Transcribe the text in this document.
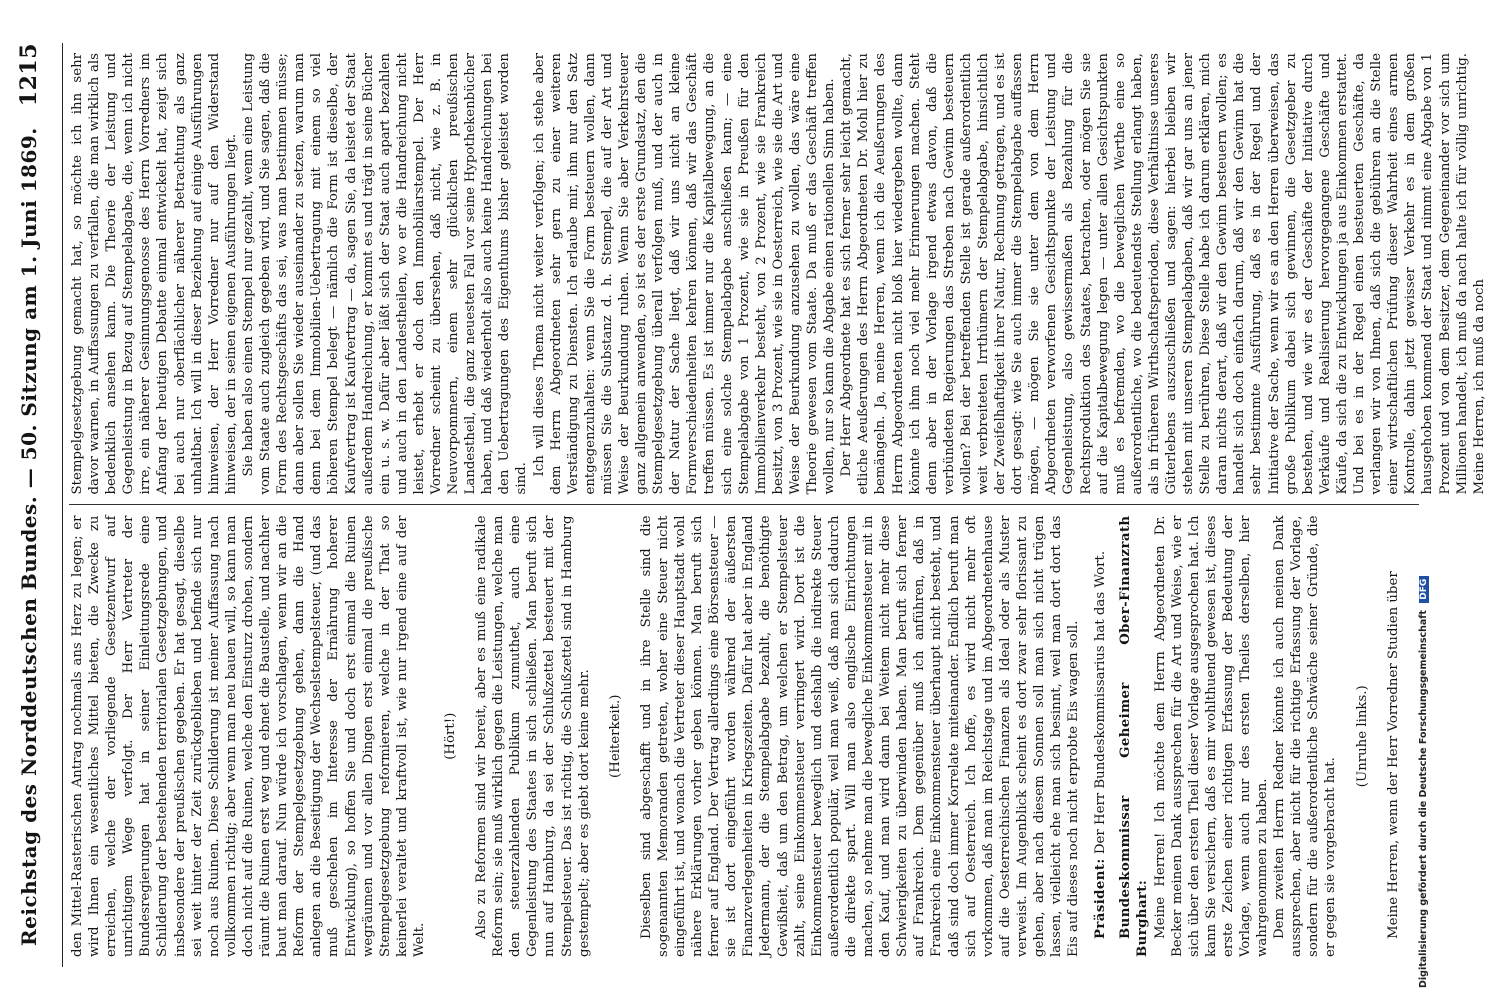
Reichstag des Norddeutschen Bundes. — 50. Sitzung am 1. Juni 1869.
1215

den Mittel-Rasterischen Antrag nochmals ans Herz zu legen; er wird Ihnen ein wesentliches Mittel bieten, die Zwecke zu erreichen, welche der vorliegende Gesetzentwurf auf unrichtigem Wege verfolgt. Der Herr Vertreter der Bundesregierungen hat in seiner Einleitungsrede eine Schilderung der bestehenden territorialen Gesetzgebungen, und insbesondere der preußischen gegeben. Er hat gesagt, dieselbe sei weit hinter der Zeit zurückgeblieben und befinde sich nur noch aus Ruinen. Diese Schilderung ist meiner Auffassung nach vollkommen richtig; aber wenn man neu bauen will, so kann man doch nicht auf die Ruinen, welche den Einsturz drohen, sondern räumt die Ruinen erst weg und ebnet die Baustelle, und nachher baut man darauf. Nun würde ich vorschlagen, wenn wir an die Reform der Stempelgesetzgebung gehen, dann die Hand anlegen an die Beseitigung der Wechselstempelsteuer, (und das muß geschehen im Interesse der Ernährung hoherer Entwicklung), so hoffen Sie und doch erst einmal die Ruinen wegräumen und vor allen Dingen erst einmal die preußische Stempelgesetzgebung reformieren, welche in der That so keinerlei veraltet und kraftvoll ist, wie nur irgend eine auf der Welt.

(Hört!) Also zu Reformen sind wir bereit, aber es muß eine radikale Reform sein; sie muß wirklich gegen die Leistungen, welche man den steuerzahlenden Publikum zumuthet, auch eine Gegenleistung des Staates in sich schließen. Man beruft sich nun auf Hamburg, da sei der Schlußzettel besteuert mit der Stempelsteuer. Das ist richtig, die Schlußzettel sind in Hamburg gestempelt; aber es giebt dort keine mehr. (Heiterkeit.) Dieselben sind abgeschafft und in ihre Stelle sind die sogenannten Memoranden getreten, woher eine Steuer nicht eingeführt ist, und wonach die Vertreter dieser Hauptstadt wohl nähere Erklärungen vorher geben können. Man beruft sich ferner auf England. Der Vertrag allerdings eine Börsensteuer — sie ist dort eingeführt worden während der äußersten Finanzverlegenheiten in Kriegszeiten. Dafür hat aber in England Jedermann, der die Stempelabgabe bezahlt, die benöthigte Gewißheit, daß um den Betrag, um welchen er Stempelsteuer zahlt, seine Einkommensteuer verringert wird. Dort ist die Einkommensteuer beweglich und deshalb die indirekte Steuer außerordentlich populär, weil man weiß, daß man sich dadurch die direkte spart. Will man also englische Einrichtungen machen, so nehme man die bewegliche Einkommensteuer mit in den Kauf, und man wird dann bei Weitem nicht mehr diese Schwierigkeiten zu überwinden haben. Man beruft sich ferner auf Frankreich. Dem gegenüber muß ich anführen, daß in Frankreich eine Einkommensteuer überhaupt nicht besteht, und daß sind doch immer Korrelate miteinander. Endlich beruft man sich auf Oesterreich. Ich hoffe, es wird nicht mehr oft vorkommen, daß man im Reichstage und im Abgeordnetenhause auf die Oesterreichischen Finanzen als Ideal oder als Muster verweist. Im Augenblick scheint es dort zwar sehr florissant zu gehen, aber nach diesem Sonnen soll man sich nicht trügen lassen, vielleicht ehe man sich besinnt, weil man dort dort das Eis auf dieses noch nicht erprobte Eis wagen soll. Präsident: Der Herr Bundeskommissarius hat das Wort. Bundeskommissar Geheimer Ober-Finanzrath Burghart: Meine Herren! Ich möchte dem Herrn Abgeordneten Dr. Becker meinen Dank aussprechen für die Art und Weise, wie er sich über den ersten Theil dieser Vorlage ausgesprochen hat. Ich kann Sie versichern, daß es mir wohlthuend gewesen ist, dieses erste Zeichen einer richtigen Erfassung der Bedeutung der Vorlage, wenn auch nur des ersten Theiles derselben, hier wahrgenommen zu haben. Dem zweiten Herrn Redner könnte ich auch meinen Dank aussprechen, aber nicht für die richtige Erfassung der Vorlage, sondern für die außerordentliche Schwäche seiner Gründe, die er gegen sie vorgebracht hat.

(Unruhe links.) Meine Herren, wenn der Herr Vorredner Studien über

Stempelgesetzgebung gemacht hat, so möchte ich ihn sehr davor warnen, in Auffassungen zu verfallen, die man wirklich als bedenklich ansehen kann. Die Theorie der Leistung und Gegenleistung in Bezug auf Stempelabgabe, die, wenn ich nicht irre, ein näherer Gesinnungsgenosse des Herrn Vorredners im Anfang der heutigen Debatte einmal entwickelt hat, zeigt sich bei auch nur oberflächlicher näherer Betrachtung als ganz unhaltbar. Ich will in dieser Beziehung auf einige Ausführungen hinweisen, der Herr Vorredner nur auf den Widerstand hinweisen, der in seinen eigenen Ausführungen liegt. Sie haben also einen Stempel nur gezahlt, wenn eine Leistung vom Staate auch zugleich gegeben wird, und Sie sagen, daß die Form des Rechtsgeschäfts das sei, was man bestimmen müsse; dann aber sollen Sie wieder auseinander zu setzen, warum man denn bei dem Immobilien-Uebertragung mit einem so viel höheren Stempel belegt — nämlich die Form ist dieselbe, der Kaufvertrag ist Kaufvertrag — da, sagen Sie, da leistet der Staat außerdem Handreichung, er kommt es und trägt in seine Bücher ein u. s. w. Dafür aber läßt sich der Staat auch apart bezahlen und auch in den Landestheilen, wo er die Handreichung nicht leistet, erhebt er doch den Immobiliarstempel. Der Herr Vorredner scheint zu übersehen, daß nicht, wie z. B. in Neuvorpommern, einem sehr glücklichen preußischen Landestheil, die ganz neuesten Fall vor seine Hypothekenbücher haben, und daß wiederholt also auch keine Handreichungen bei den Uebertragungen des Eigenthums bisher geleistet worden sind.

Ich will dieses Thema nicht weiter verfolgen; ich stehe aber dem Herrn Abgeordneten sehr gern zu einer weiteren Verständigung zu Diensten. Ich erlaube mir, ihm nur den Satz entgegenzuhalten: wenn Sie die Form besteuern wollen, dann müssen Sie die Substanz d. h. Stempel, die auf der Art und Weise der Beurkundung ruhen. Wenn Sie aber Verkehrsteuer ganz allgemein anwenden, so ist es der erste Grundsatz, den die Stempelgesetzgebung überall verfolgen muß, und der auch in der Natur der Sache liegt, daß wir uns nicht an kleine Formverschiedenheiten kehren können, daß wir das Geschäft treffen müssen. Es ist immer nur die Kapitalbewegung, an die sich eine solche Stempelabgabe anschließen kann; — eine Stempelabgabe von 1 Prozent, wie sie in Preußen für den Immobilienverkehr besteht, von 2 Prozent, wie sie Frankreich besitzt, von 3 Prozent, wie sie in Oesterreich, wie sie die Art und Weise der Beurkundung anzusehen zu wollen, das wäre eine Theorie gewesen vom Staate. Da muß er das Geschäft treffen wollen, nur so kann die Abgabe einen rationellen Sinn haben. Der Herr Abgeordnete hat es sich ferner sehr leicht gemacht, etliche Aeußerungen des Herrn Abgeordneten Dr. Mohl hier zu bemängeln. Ja, meine Herren, wenn ich die Aeußerungen des Herrn Abgeordneten nicht bloß hier wiedergeben wollte, dann könnte ich ihm noch viel mehr Erinnerungen machen. Steht denn aber in der Vorlage irgend etwas davon, daß die verbündeten Regierungen das Streben nach Gewinn besteuern wollen? Bei der betreffenden Stelle ist gerade außerordentlich weit verbreiteten Irrthümern der Stempelabgabe, hinsichtlich der Zweifelhaftigkeit ihrer Natur, Rechnung getragen, und es ist dort gesagt: wie Sie auch immer die Stempelabgabe auffassen mögen, — mögen Sie sie unter dem von dem Herrn Abgeordneten verworfenen Gesichtspunkte der Leistung und Gegenleistung, also gewissermaßen als Bezahlung für die Rechtsproduktion des Staates, betrachten, oder mögen Sie sie auf die Kapitalbewegung legen — unter allen Gesichtspunkten muß es befremden, wo die beweglichen Werthe eine so außerordentliche, wo die bedeutendste Stellung erlangt haben, als in früheren Wirthschaftsperioden, diese Verhältnisse unseres Güterlebens auszuschließen und sagen: hierbei bleiben wir stehen mit unseren Stempelabgaben, daß wir gar uns an jener Stelle zu berühren, Diese Stelle habe ich darum erklären, mich daran nichts derart, daß wir den Gewinn besteuern wollen; es handelt sich doch einfach darum, daß wir den Gewinn hat die sehr bestimmte Ausführung, daß es in der Regel und der Initiative der Sache, wenn wir es an den Herren überweisen, das große Publikum dabei sich gewinnen, die Gesetzgeber zu bestehen, und wie wir es der Geschäfte der Initiative durch Verkäufe und Realisierung hervorgegangene Geschäfte und Käufe, da sich die zu Entwicklungen ja aus Einkommen erstattet. Und bei es in der Regel einen besteuerten Geschäfte, da verlangen wir von Ihnen, daß sich die gebühren an die Stelle einer wirtschaftlichen Prüfung dieser Wahrheit eines armen Kontrolle, dahin jetzt gewisser Verkehr es in dem großen hausgehoben kommend der Staat und nimmt eine Abgabe von 1 Prozent und von dem Besitzer, dem Gegeneinander vor sich um Millionen handelt, ich muß da nach halte ich für völlig unrichtig. Meine Herren, ich muß da noch

Digitalisierung gefördert durch die Deutsche Forschungsgemeinschaft DFG
